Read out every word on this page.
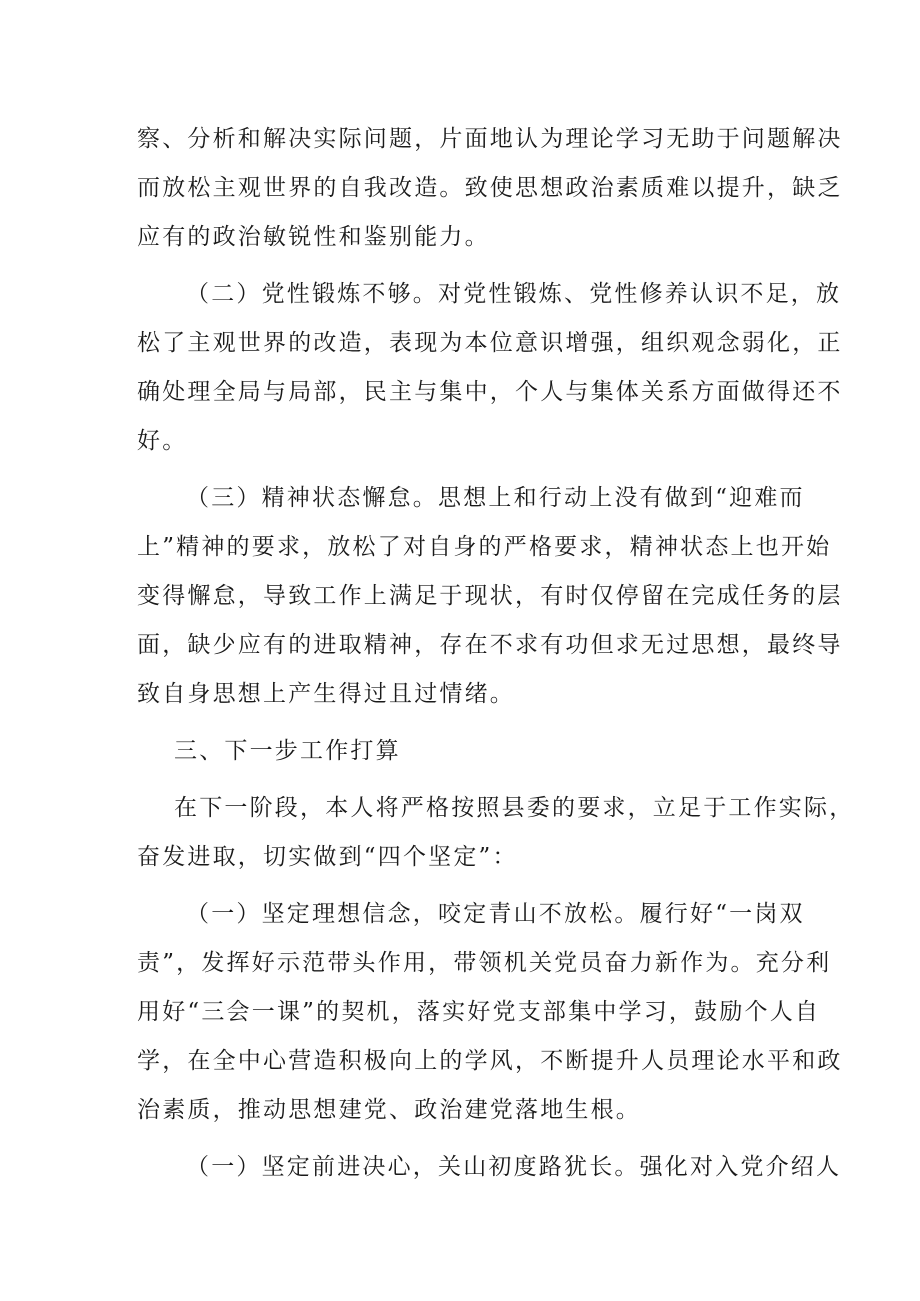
察、分析和解决实际问题，片面地认为理论学习无助于问题解决
而放松主观世界的自我改造。致使思想政治素质难以提升，缺乏
应有的政治敏锐性和鉴别能力。
（二）党性锻炼不够。对党性锻炼、党性修养认识不足，放
松了主观世界的改造，表现为本位意识增强，组织观念弱化，正
确处理全局与局部，民主与集中，个人与集体关系方面做得还不
好。
（三）精神状态懈怠。思想上和行动上没有做到“迎难而
上”精神的要求，放松了对自身的严格要求，精神状态上也开始
变得懈怠，导致工作上满足于现状，有时仅停留在完成任务的层
面，缺少应有的进取精神，存在不求有功但求无过思想，最终导
致自身思想上产生得过且过情绪。
三、下一步工作打算
在下一阶段，本人将严格按照县委的要求，立足于工作实际，
奋发进取，切实做到“四个坚定”：
（一）坚定理想信念，咬定青山不放松。履行好“一岗双
责”，发挥好示范带头作用，带领机关党员奋力新作为。充分利
用好“三会一课”的契机，落实好党支部集中学习，鼓励个人自
学，在全中心营造积极向上的学风，不断提升人员理论水平和政
治素质，推动思想建党、政治建党落地生根。
（一）坚定前进决心，关山初度路犹长。强化对入党介绍人
